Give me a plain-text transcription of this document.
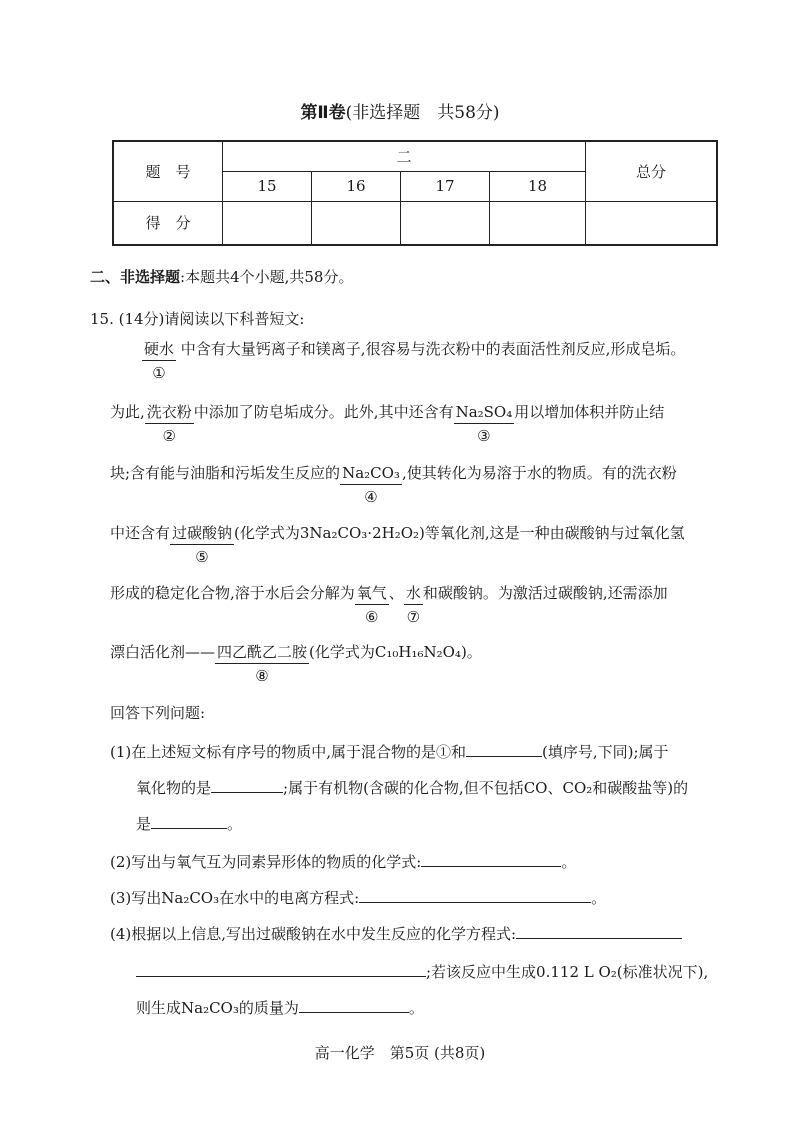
第Ⅱ卷(非选择题　共58分)
题　号	二				总分
	15	16	17	18	
得　分					
二、非选择题:本题共4个小题,共58分。
15. (14分)请阅读以下科普短文:
硬水
①
中含有大量钙离子和镁离子,很容易与洗衣粉中的表面活性剂反应,形成皂垢。
为此, 洗衣粉
②
中添加了防皂垢成分。此外,其中还含有 Na₂SO₄
③
用以增加体积并防止结
块;含有能与油脂和污垢发生反应的 Na₂CO₃
④
,使其转化为易溶于水的物质。有的洗衣粉
中还含有 过碳酸钠
⑤
(化学式为3Na₂CO₃·2H₂O₂)等氧化剂,这是一种由碳酸钠与过氧化氢
形成的稳定化合物,溶于水后会分解为 氧气
⑥
、 水
⑦
和碳酸钠。为激活过碳酸钠,还需添加
漂白活化剂—— 四乙酰乙二胺
⑧
(化学式为C₁₀H₁₆N₂O₄)。
回答下列问题:
(1)在上述短文标有序号的物质中,属于混合物的是①和	(填序号,下同);属于
氧化物的是	;属于有机物(含碳的化合物,但不包括CO、CO₂和碳酸盐等)的
是	。
(2)写出与氧气互为同素异形体的物质的化学式:	。
(3)写出Na₂CO₃在水中的电离方程式:	。
(4)根据以上信息,写出过碳酸钠在水中发生反应的化学方程式:
;若该反应中生成0.112 L O₂(标准状况下),
则生成Na₂CO₃的质量为	。
高一化学　第5页 (共8页)
